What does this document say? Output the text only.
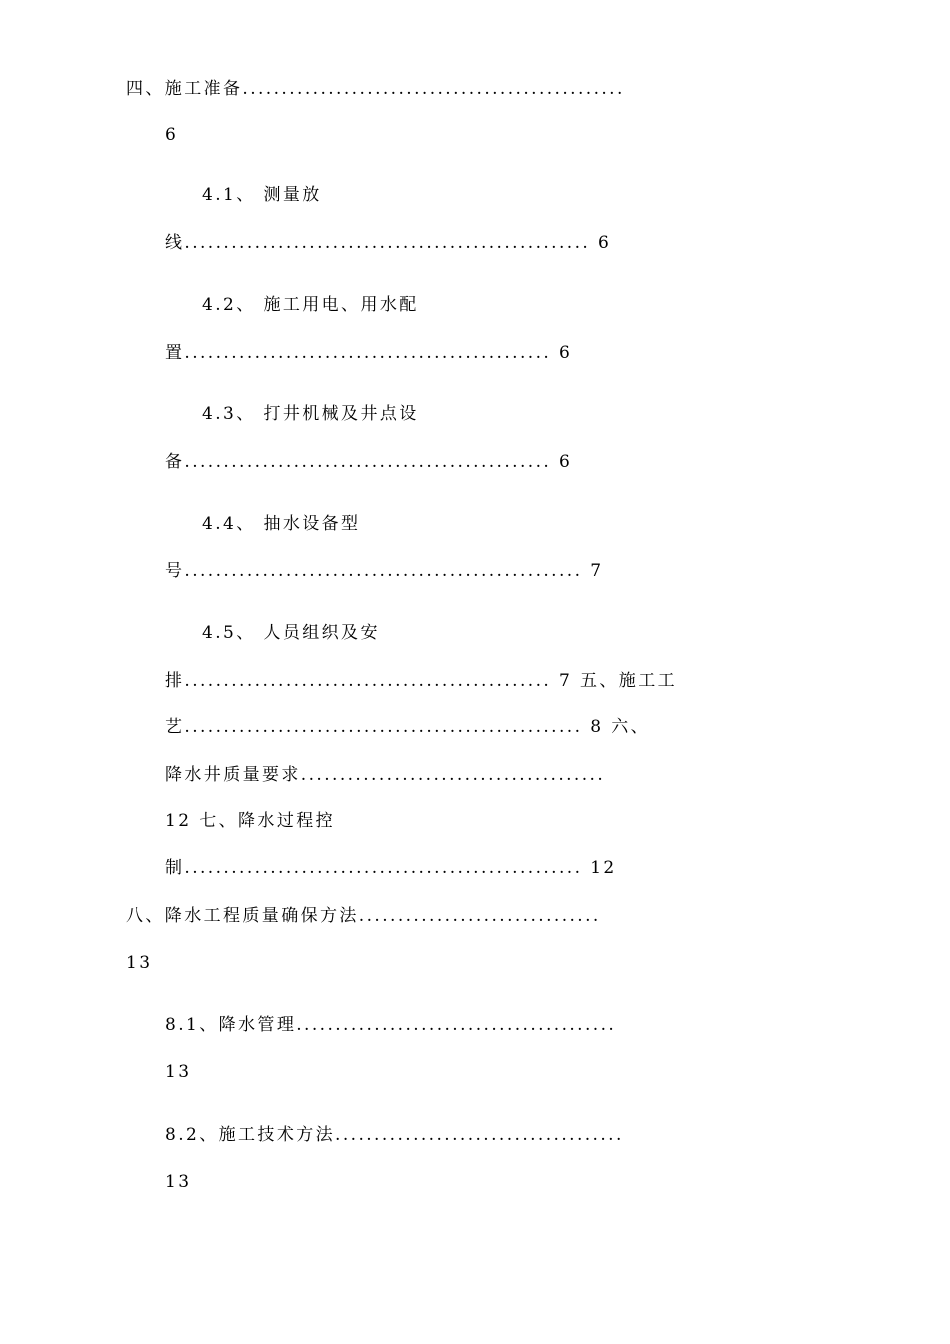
四、施工准备.................................................
6
4.1、 测量放
线.................................................... 6
4.2、 施工用电、用水配
置............................................... 6
4.3、 打井机械及井点设
备............................................... 6
4.4、 抽水设备型
号................................................... 7
4.5、 人员组织及安
排............................................... 7 五、施工工
艺................................................... 8 六、
降水井质量要求.......................................
12 七、降水过程控
制................................................... 12
八、降水工程质量确保方法...............................
13
8.1、降水管理.........................................
13
8.2、施工技术方法.....................................
13
